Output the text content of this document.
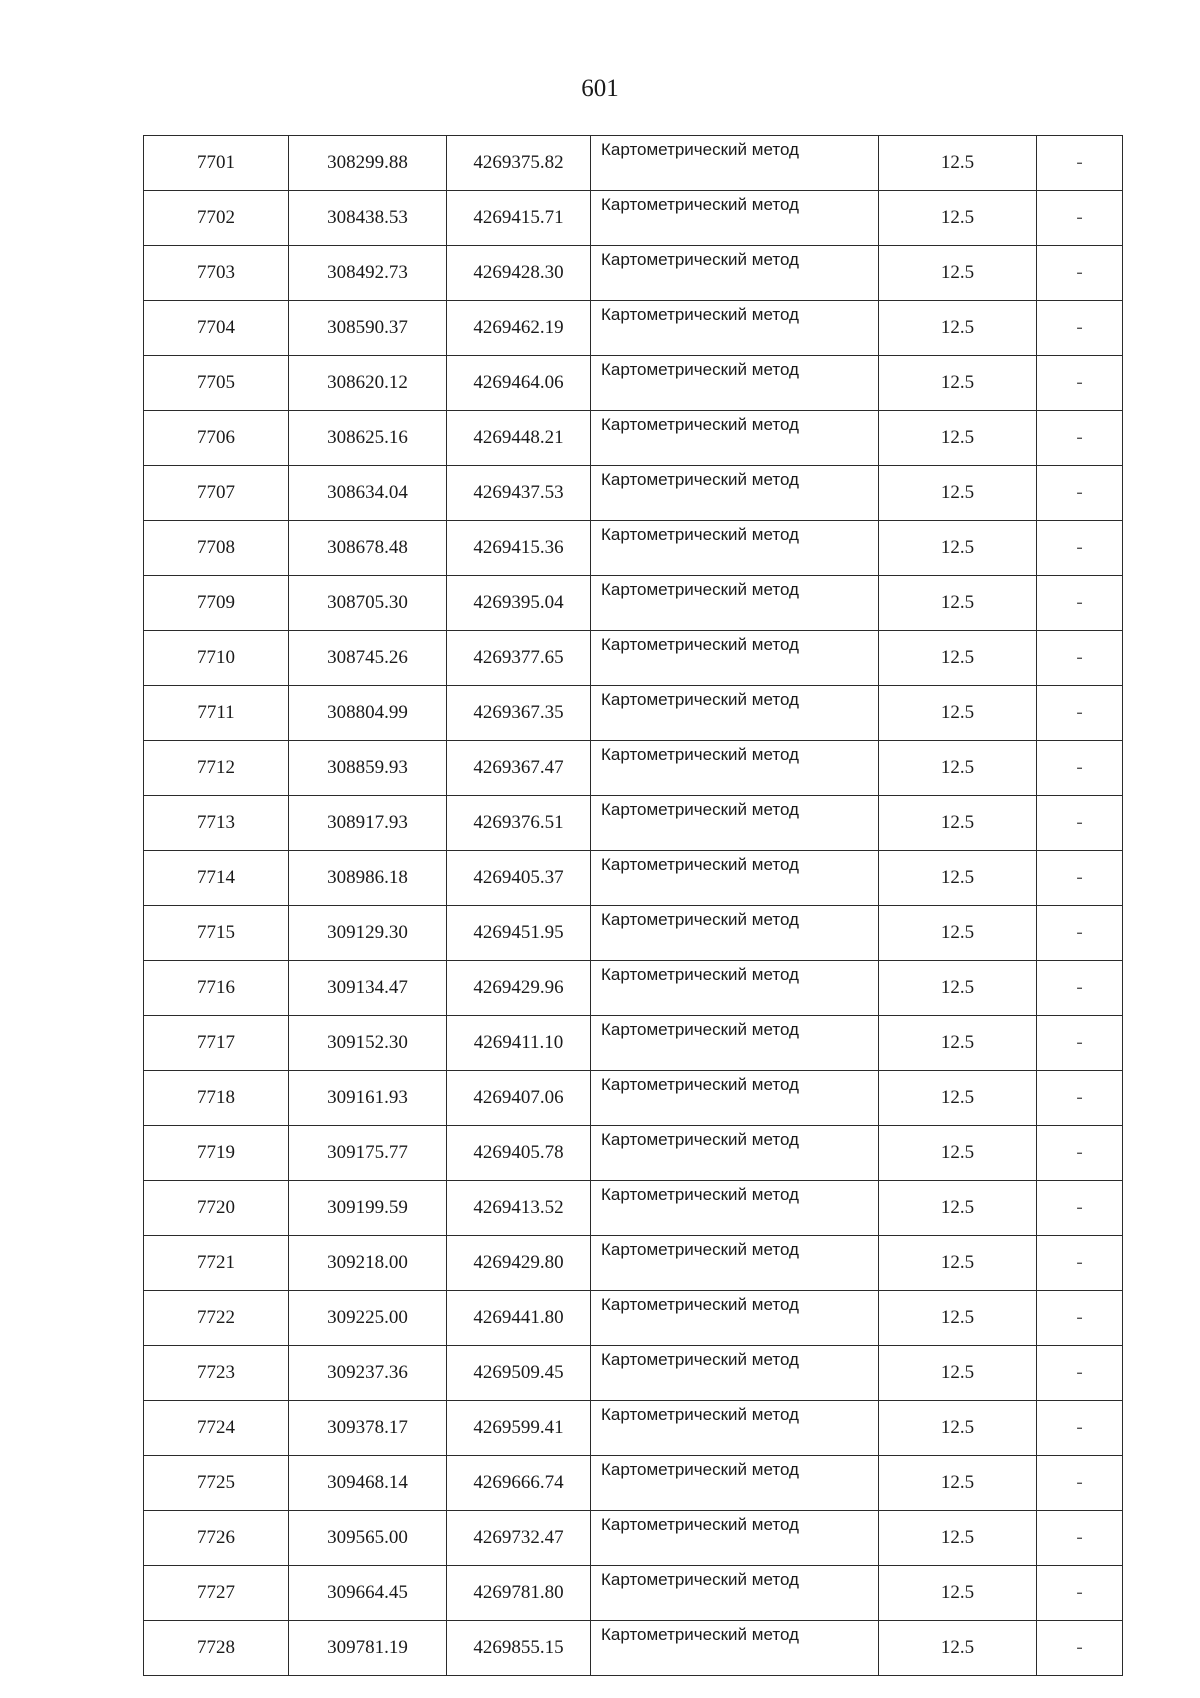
601
7701	308299.88	4269375.82	Картометрический метод	12.5	-
7702	308438.53	4269415.71	Картометрический метод	12.5	-
7703	308492.73	4269428.30	Картометрический метод	12.5	-
7704	308590.37	4269462.19	Картометрический метод	12.5	-
7705	308620.12	4269464.06	Картометрический метод	12.5	-
7706	308625.16	4269448.21	Картометрический метод	12.5	-
7707	308634.04	4269437.53	Картометрический метод	12.5	-
7708	308678.48	4269415.36	Картометрический метод	12.5	-
7709	308705.30	4269395.04	Картометрический метод	12.5	-
7710	308745.26	4269377.65	Картометрический метод	12.5	-
7711	308804.99	4269367.35	Картометрический метод	12.5	-
7712	308859.93	4269367.47	Картометрический метод	12.5	-
7713	308917.93	4269376.51	Картометрический метод	12.5	-
7714	308986.18	4269405.37	Картометрический метод	12.5	-
7715	309129.30	4269451.95	Картометрический метод	12.5	-
7716	309134.47	4269429.96	Картометрический метод	12.5	-
7717	309152.30	4269411.10	Картометрический метод	12.5	-
7718	309161.93	4269407.06	Картометрический метод	12.5	-
7719	309175.77	4269405.78	Картометрический метод	12.5	-
7720	309199.59	4269413.52	Картометрический метод	12.5	-
7721	309218.00	4269429.80	Картометрический метод	12.5	-
7722	309225.00	4269441.80	Картометрический метод	12.5	-
7723	309237.36	4269509.45	Картометрический метод	12.5	-
7724	309378.17	4269599.41	Картометрический метод	12.5	-
7725	309468.14	4269666.74	Картометрический метод	12.5	-
7726	309565.00	4269732.47	Картометрический метод	12.5	-
7727	309664.45	4269781.80	Картометрический метод	12.5	-
7728	309781.19	4269855.15	Картометрический метод	12.5	-
